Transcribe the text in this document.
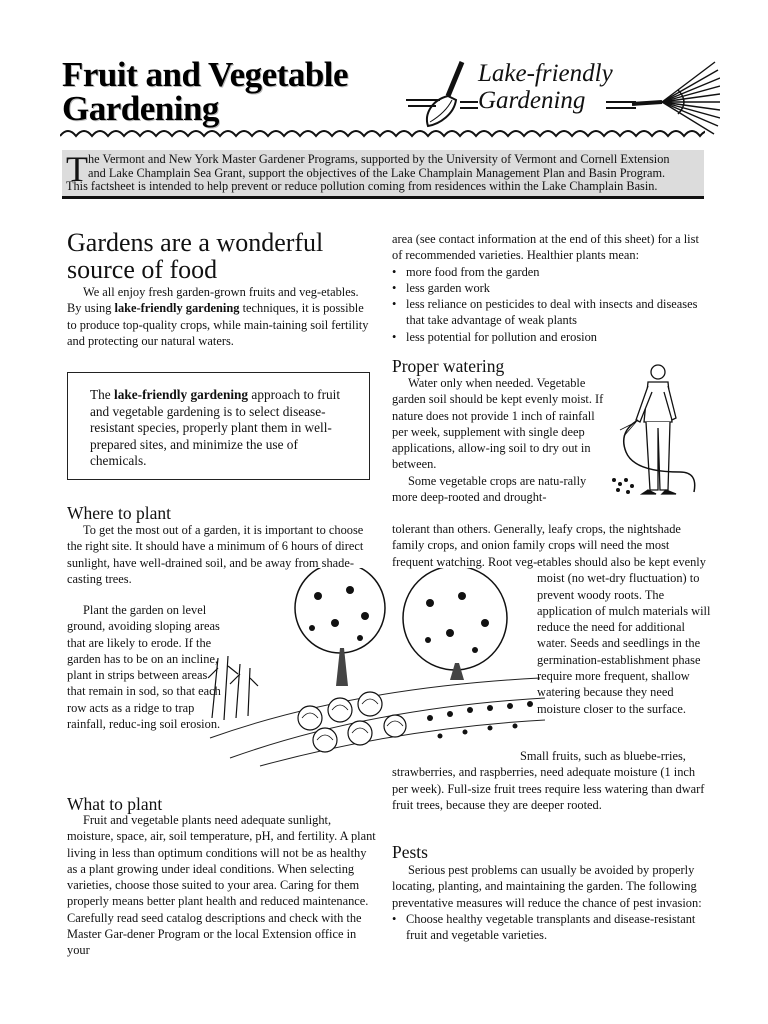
Fruit and Vegetable
Gardening
Lake-friendly
Gardening
T he Vermont and New York Master Gardener Programs, supported by the University of Vermont and Cornell Extension
and Lake Champlain Sea Grant, support the objectives of the Lake Champlain Management Plan and Basin Program.
This factsheet is intended to help prevent or reduce pollution coming from residences within the Lake Champlain Basin.
Gardens are a wonderful source of food

We all enjoy fresh garden-grown fruits and veg-etables. By using lake-friendly gardening techniques, it is possible to produce top-quality crops, while main-taining soil fertility and protecting our natural waters.

The lake-friendly gardening approach to fruit and vegetable gardening is to select disease-resistant species, properly plant them in well-prepared sites, and minimize the use of chemicals.
Where to plant

To get the most out of a garden, it is important to choose the right site. It should have a minimum of 6 hours of direct sunlight, have well-drained soil, and be away from shade-casting trees.

Plant the garden on level ground, avoiding sloping areas that are likely to erode. If the garden has to be on an incline, plant in strips between areas that remain in sod, so that each row acts as a ridge to trap rainfall, reduc-ing soil erosion.

What to plant

Fruit and vegetable plants need adequate sunlight, moisture, space, air, soil temperature, pH, and fertility. A plant living in less than optimum conditions will not be as healthy as a plant growing under ideal conditions. When selecting varieties, choose those suited to your area. Caring for them properly means better plant health and reduced maintenance. Carefully read seed catalog descriptions and check with the Master Gar-dener Program or the local Extension office in your

area (see contact information at the end of this sheet) for a list of recommended varieties. Healthier plants mean:
• more food from the garden
• less garden work
• less reliance on pesticides to deal with insects and diseases that take advantage of weak plants
• less potential for pollution and erosion
Proper watering

Water only when needed. Vegetable garden soil should be kept evenly moist. If nature does not provide 1 inch of rainfall per week, supplement with single deep applications, allow-ing soil to dry out in between.

Some vegetable crops are natu-rally more deep-rooted and drought-

tolerant than others. Generally, leafy crops, the nightshade family crops, and onion family crops will need the most frequent watching. Root veg- etables should also be kept evenly moist (no wet-dry fluctuation) to prevent woody roots. The application of mulch materials will reduce the need for additional water. Seeds and seedlings in the germination-establishment phase require more frequent, shallow watering because they need moisture closer to the surface.

Small fruits, such as bluebe-rries, strawberries, and raspberries, need adequate moisture (1 inch per week). Full-size fruit trees require less watering than dwarf fruit trees, because they are deeper rooted.

Pests

Serious pest problems can usually be avoided by properly locating, planting, and maintaining the garden. The following preventative measures will reduce the chance of pest invasion:

• Choose healthy vegetable transplants and disease-resistant fruit and vegetable varieties.
